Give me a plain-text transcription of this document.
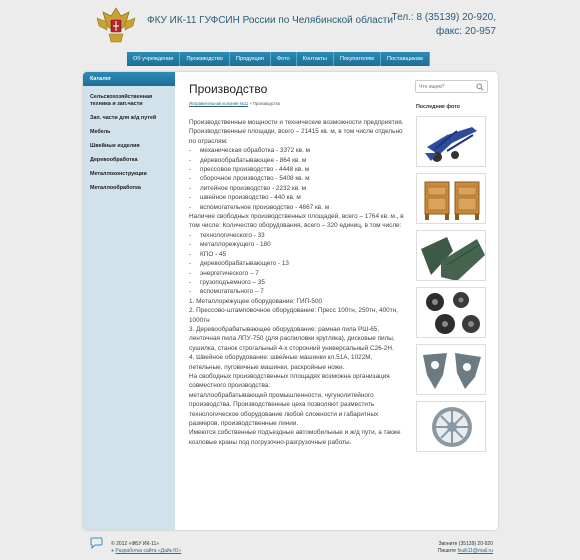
ФКУ ИК-11 ГУФСИН России по Челябинской области
Тел.: 8 (35139) 20-920,
факс: 20-957
Об учреждении	Производство	Продукция	Фото	Контакты	Покупателям	Поставщикам
Каталог
Сельскохозяйственная техника и зап.части
Зап. части для ж/д путей
Мебель
Швейные изделия
Деревообработка
Металлоконструкции
Металлообработка
Производство
Исправительная колония №11 » Производство
Производственные мощности и технические возможности предприятия.
Производственные площади, всего – 21415 кв. м, в том числе отдельно по отраслям:
-     механическая обработка - 3372 кв. м
-     деревообрабатывающее - 864 кв. м
-     прессовое производство - 4448 кв. м
-     сборочное производство - 5408 кв. м
-     литейное производство - 2232 кв. м
-     швейное производство - 440 кв. м
-     вспомогательное производство - 4667 кв. м
Наличие свободных производственных площадей, всего – 1764 кв. м., в том числе: Количество оборудования, всего – 320 единиц, в том числе:
-     технологического - 33
-     металлорежущего - 180
-     КПО - 45
-     деревообрабатывающего - 13
-     энергетического – 7
-     грузоподъемного – 35
-     вспомогательного – 7
1. Металлорежущее оборудование: ГИП-500
2. Прессово-штамповочное оборудование: Пресс 100тн, 250тн, 400тн, 1000тн
3. Деревообрабатывающее оборудование: рамная пила РШ-65, ленточная пила ЛПУ-750 (для распиловки кругляка), дисковые пилы, сушилка, станок строгальный 4-х сторонний универсальный С26-2Н.
4. Швейное оборудование: швейные машинки кл.51А, 1022М, петельные, пуговичные машинки, раскройные ножи.
На свободных производственных площадях возможна организация совместного производства:
металлообрабатывающей промышленности, чугунолитейного производства. Производственные цеха позволяют разместить технологическое оборудование любой сложности и габаритных размеров, производственные линии.
Имеются собственные подъездные автомобильные и ж/д пути, а также козловые краны под погрузочно-разгрузочные работы.
Что ищем?
Последние фото
© 2012 «ФБУ ИК-11»
● Разработка сайта «Дайк Ю»
Звоните (35139) 20-920
Пишите fsuik11@mail.ru
